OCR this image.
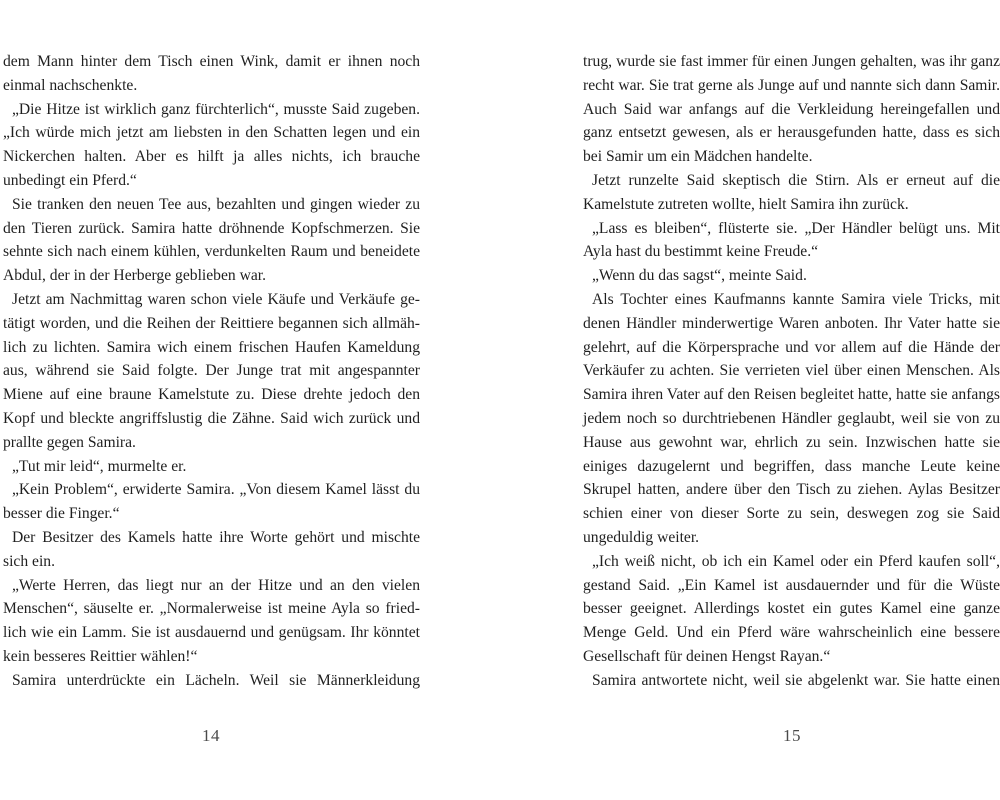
dem Mann hinter dem Tisch einen Wink, damit er ihnen noch einmal nachschenkte.

„Die Hitze ist wirklich ganz fürchterlich“, musste Said zugeben. „Ich würde mich jetzt am liebsten in den Schatten legen und ein Nickerchen halten. Aber es hilft ja alles nichts, ich brauche unbedingt ein Pferd.“

Sie tranken den neuen Tee aus, bezahlten und gingen wieder zu den Tieren zurück. Samira hatte dröhnende Kopfschmerzen. Sie sehnte sich nach einem kühlen, verdunkelten Raum und beneidete Abdul, der in der Herberge geblieben war.

Jetzt am Nachmittag waren schon viele Käufe und Verkäufe getätigt worden, und die Reihen der Reittiere begannen sich allmählich zu lichten. Samira wich einem frischen Haufen Kameldung aus, während sie Said folgte. Der Junge trat mit angespannter Miene auf eine braune Kamelstute zu. Diese drehte jedoch den Kopf und bleckte angriffslustig die Zähne. Said wich zurück und prallte gegen Samira.

„Tut mir leid“, murmelte er.

„Kein Problem“, erwiderte Samira. „Von diesem Kamel lässt du besser die Finger.“

Der Besitzer des Kamels hatte ihre Worte gehört und mischte sich ein.

„Werte Herren, das liegt nur an der Hitze und an den vielen Menschen“, säuselte er. „Normalerweise ist meine Ayla so friedlich wie ein Lamm. Sie ist ausdauernd und genügsam. Ihr könntet kein besseres Reittier wählen!“

Samira unterdrückte ein Lächeln. Weil sie Männerkleidung

trug, wurde sie fast immer für einen Jungen gehalten, was ihr ganz recht war. Sie trat gerne als Junge auf und nannte sich dann Samir. Auch Said war anfangs auf die Verkleidung hereingefallen und ganz entsetzt gewesen, als er herausgefunden hatte, dass es sich bei Samir um ein Mädchen handelte.

Jetzt runzelte Said skeptisch die Stirn. Als er erneut auf die Kamelstute zutreten wollte, hielt Samira ihn zurück.

„Lass es bleiben“, flüsterte sie. „Der Händler belügt uns. Mit Ayla hast du bestimmt keine Freude.“

„Wenn du das sagst“, meinte Said.

Als Tochter eines Kaufmanns kannte Samira viele Tricks, mit denen Händler minderwertige Waren anboten. Ihr Vater hatte sie gelehrt, auf die Körpersprache und vor allem auf die Hände der Verkäufer zu achten. Sie verrieten viel über einen Menschen. Als Samira ihren Vater auf den Reisen begleitet hatte, hatte sie anfangs jedem noch so durchtriebenen Händler geglaubt, weil sie von zu Hause aus gewohnt war, ehrlich zu sein. Inzwischen hatte sie einiges dazugelernt und begriffen, dass manche Leute keine Skrupel hatten, andere über den Tisch zu ziehen. Aylas Besitzer schien einer von dieser Sorte zu sein, deswegen zog sie Said ungeduldig weiter.

„Ich weiß nicht, ob ich ein Kamel oder ein Pferd kaufen soll“, gestand Said. „Ein Kamel ist ausdauernder und für die Wüste besser geeignet. Allerdings kostet ein gutes Kamel eine ganze Menge Geld. Und ein Pferd wäre wahrscheinlich eine bessere Gesellschaft für deinen Hengst Rayan.“

Samira antwortete nicht, weil sie abgelenkt war. Sie hatte einen

14	15
